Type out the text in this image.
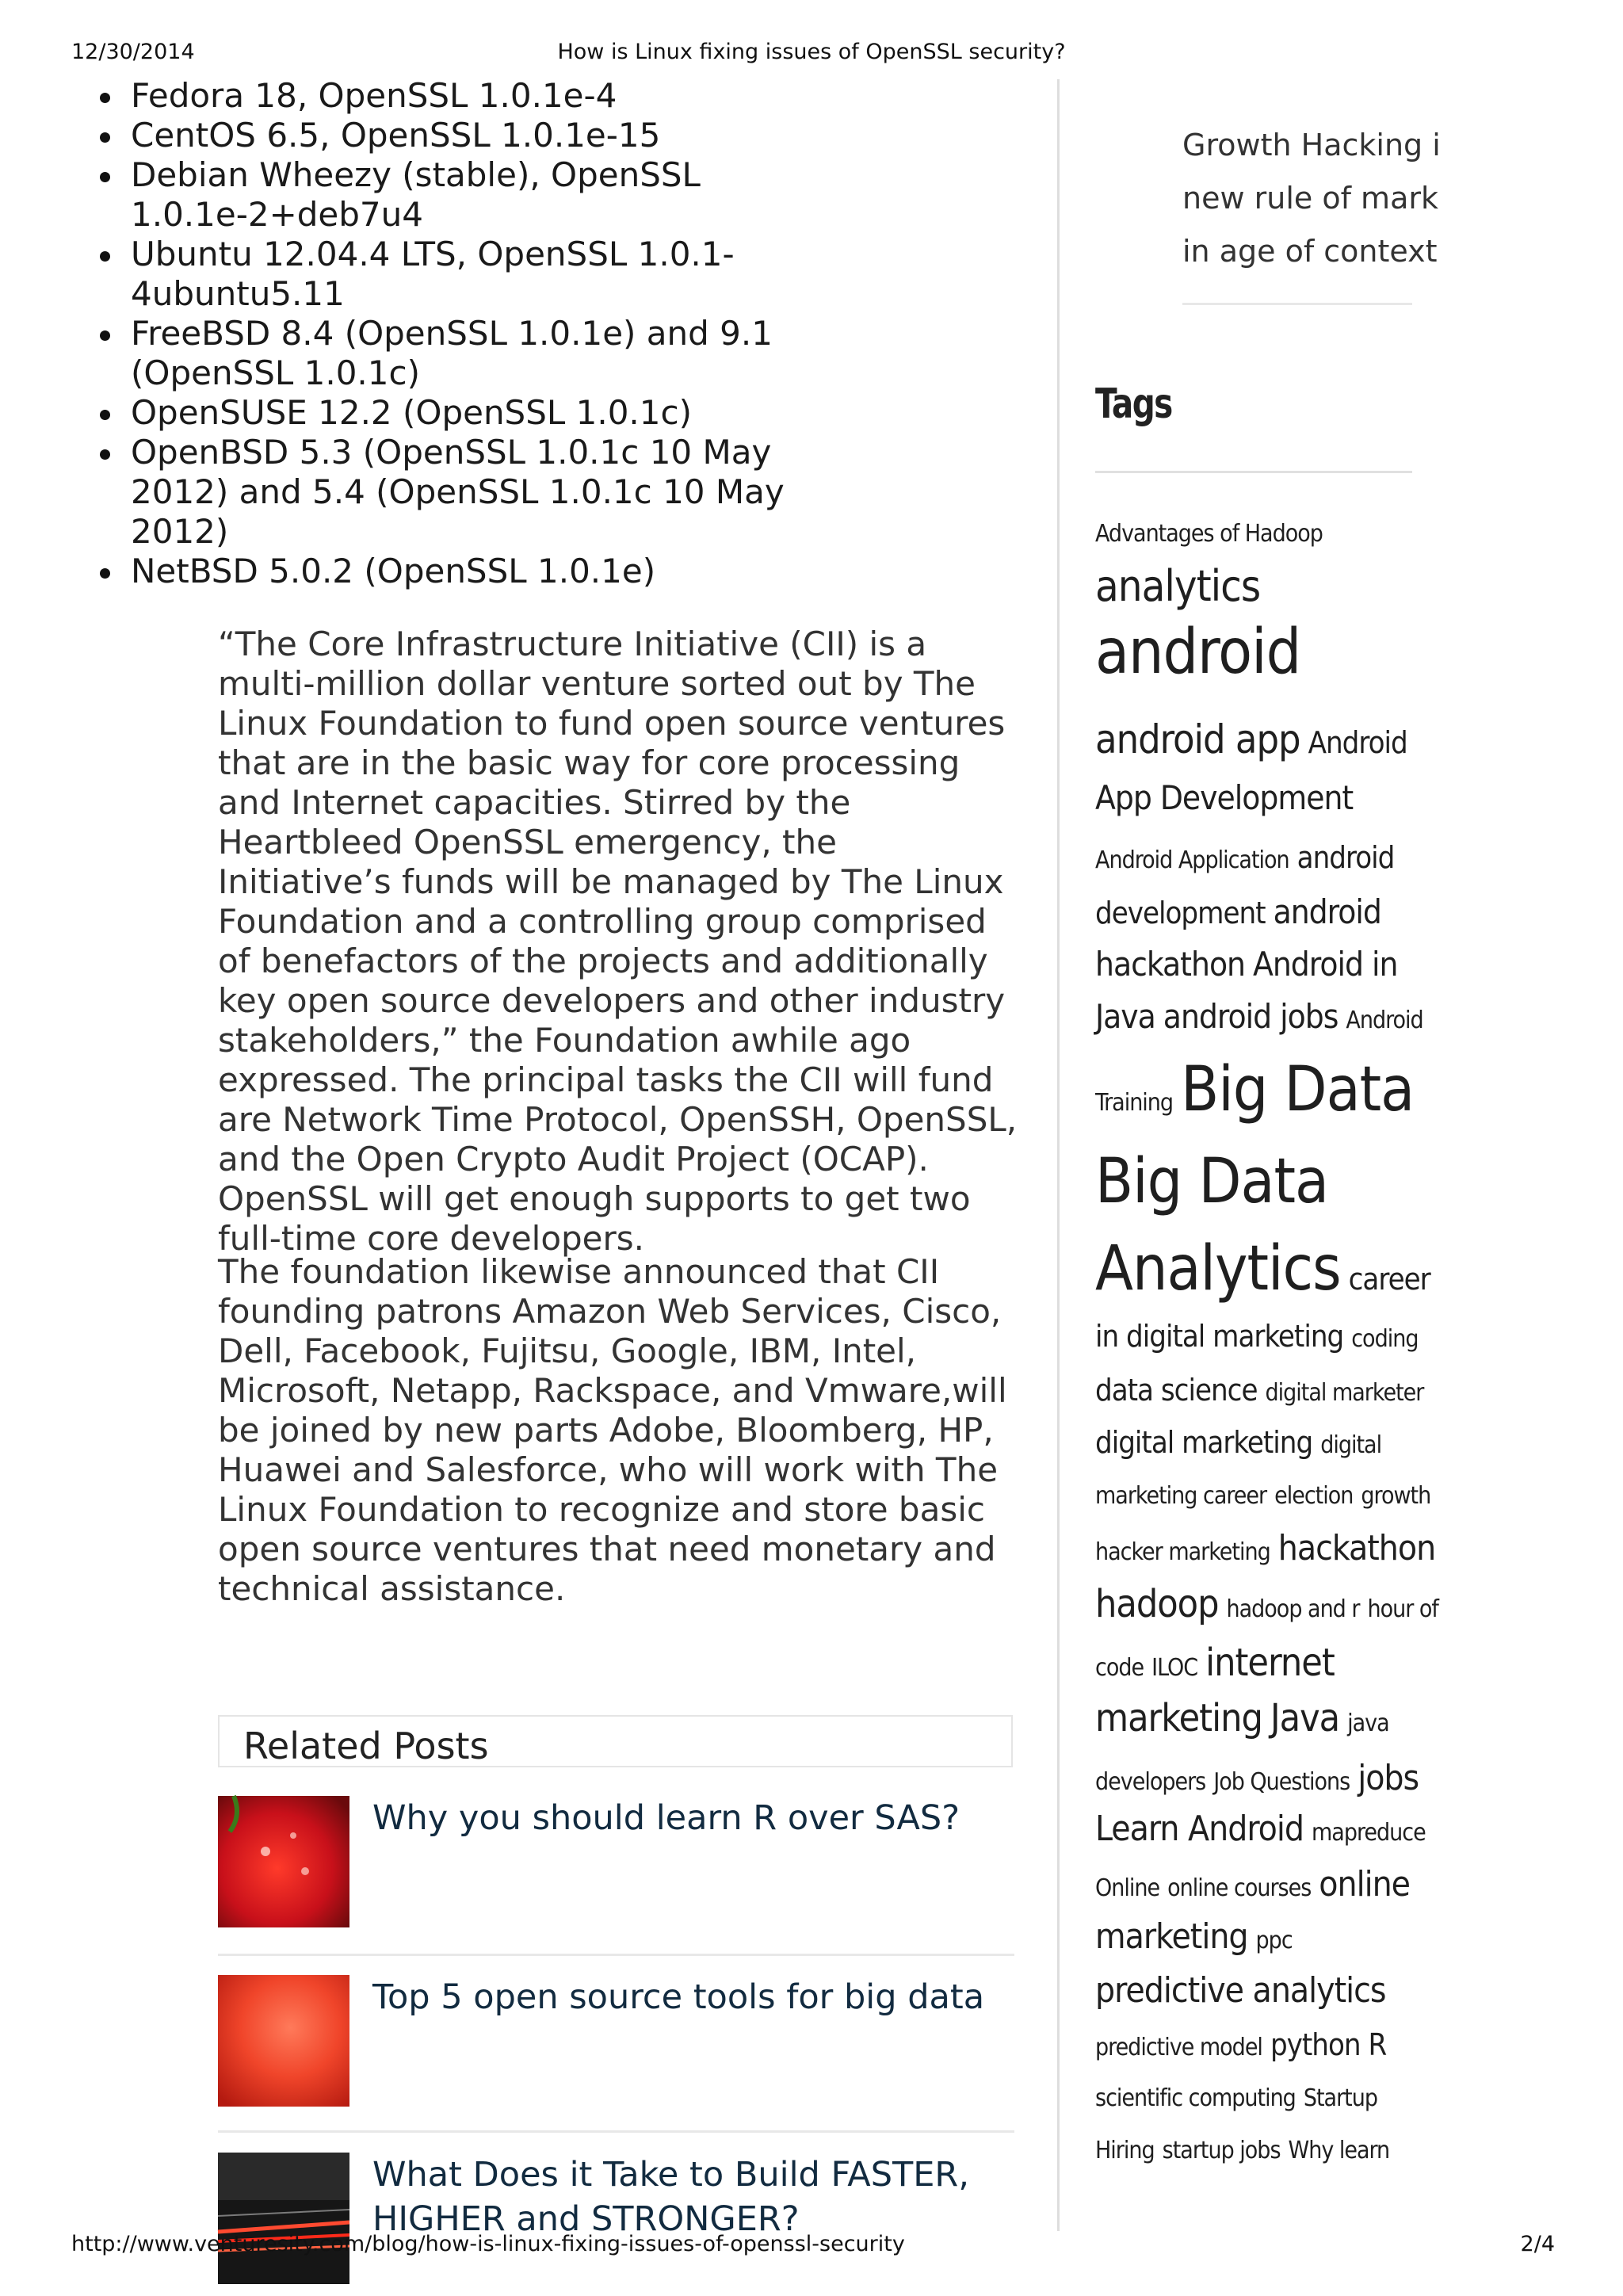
12/30/2014	How is Linux fixing issues of OpenSSL security?
Fedora 18, OpenSSL 1.0.1e-4
CentOS 6.5, OpenSSL 1.0.1e-15
Debian Wheezy (stable), OpenSSL 1.0.1e-2+deb7u4
Ubuntu 12.04.4 LTS, OpenSSL 1.0.1-4ubuntu5.11
FreeBSD 8.4 (OpenSSL 1.0.1e) and 9.1 (OpenSSL 1.0.1c)
OpenSUSE 12.2 (OpenSSL 1.0.1c)
OpenBSD 5.3 (OpenSSL 1.0.1c 10 May 2012) and 5.4 (OpenSSL 1.0.1c 10 May 2012)
NetBSD 5.0.2 (OpenSSL 1.0.1e)

“The Core Infrastructure Initiative (CII) is a multi-million dollar venture sorted out by The Linux Foundation to fund open source ventures that are in the basic way for core processing and Internet capacities. Stirred by the Heartbleed OpenSSL emergency, the Initiative’s funds will be managed by The Linux Foundation and a controlling group comprised of benefactors of the projects and additionally key open source developers and other industry stakeholders,” the Foundation awhile ago expressed. The principal tasks the CII will fund are Network Time Protocol, OpenSSH, OpenSSL, and the Open Crypto Audit Project (OCAP). OpenSSL will get enough supports to get two full-time core developers.

The foundation likewise announced that CII founding patrons Amazon Web Services, Cisco, Dell, Facebook, Fujitsu, Google, IBM, Intel, Microsoft, Netapp, Rackspace, and Vmware,will be joined by new parts Adobe, Bloomberg, HP, Huawei and Salesforce, who will work with The Linux Foundation to recognize and store basic open source ventures that need monetary and technical assistance.

Related Posts
Why you should learn R over SAS?
Top 5 open source tools for big data
What Does it Take to Build FASTER, HIGHER and STRONGER?
Growth Hacking i
new rule of mark
in age of context
Tags
Advantages of Hadoop
analytics
android
android app Android
App Development
Android Application android
development android
hackathon Android in
Java android jobs Android
Training Big Data
Big Data
Analytics career
in digital marketing coding
data science digital marketer
digital marketing digital
marketing career election growth
hacker marketing hackathon
hadoop hadoop and r hour of
code ILOC internet
marketing Java java
developers Job Questions jobs
Learn Android mapreduce
Online online courses online
marketing ppc
predictive analytics
predictive model python R
scientific computing Startup
Hiring startup jobs Why learn
http://www.venturesity.com/blog/how-is-linux-fixing-issues-of-openssl-security	2/4
